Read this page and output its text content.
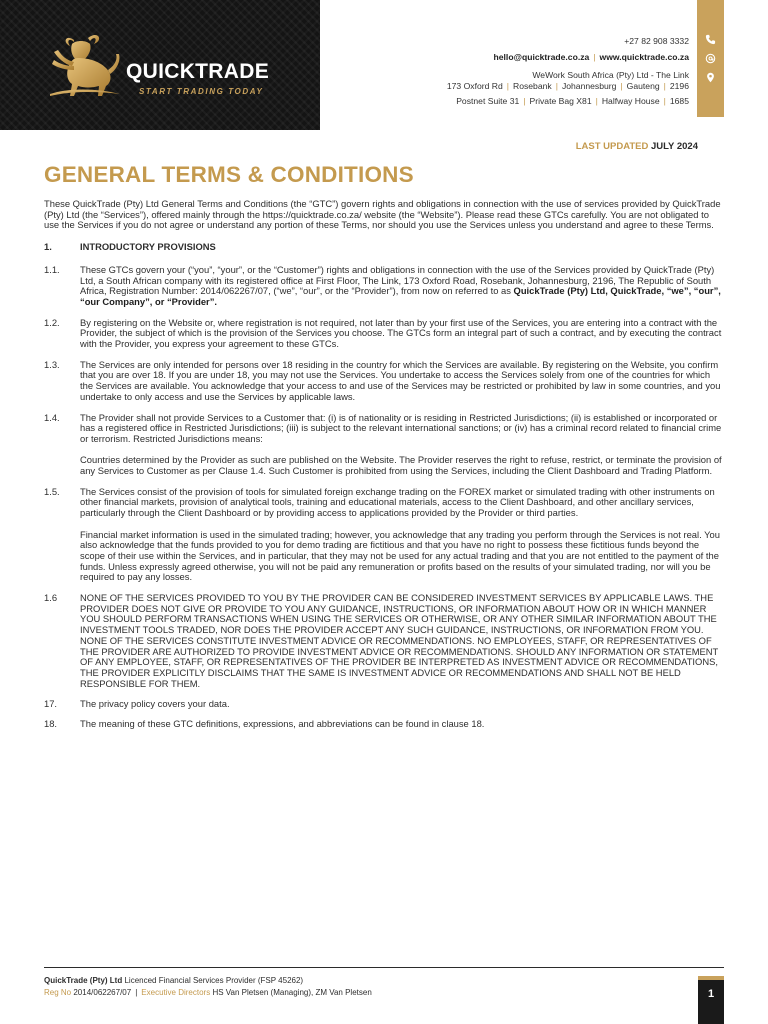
QUICKTRADE
START TRADING TODAY
+27 82 908 3332
hello@quicktrade.co.za | www.quicktrade.co.za
WeWork South Africa (Pty) Ltd - The Link
173 Oxford Rd | Rosebank | Johannesburg | Gauteng | 2196
Postnet Suite 31 | Private Bag X81 | Halfway House | 1685
LAST UPDATED JULY 2024
GENERAL TERMS & CONDITIONS

These QuickTrade (Pty) Ltd General Terms and Conditions (the “GTC”) govern rights and obligations in connection with the use of services provided by QuickTrade (Pty) Ltd (the “Services”), offered mainly through the https://quicktrade.co.za/ website (the “Website”). Please read these GTCs carefully. You are not obligated to use the Services if you do not agree or understand any portion of these Terms, nor should you use the Services unless you understand and agree to these Terms.

1.	INTRODUCTORY PROVISIONS
1.1.	These GTCs govern your (“you”, “your”, or the “Customer”) rights and obligations in connection with the use of the Services provided by QuickTrade (Pty) Ltd, a South African company with its registered office at First Floor, The Link, 173 Oxford Road, Rosebank, Johannesburg, 2196, The Republic of South Africa, Registration Number: 2014/062267/07, (“we”, “our”, or the “Provider”), from now on referred to as QuickTrade (Pty) Ltd, QuickTrade, “we”, “our”, “our Company”, or “Provider”.

1.2.	By registering on the Website or, where registration is not required, not later than by your first use of the Services, you are entering into a contract with the Provider, the subject of which is the provision of the Services you choose. The GTCs form an integral part of such a contract, and by executing the contract with the Provider, you express your agreement to these GTCs.

1.3.	The Services are only intended for persons over 18 residing in the country for which the Services are available. By registering on the Website, you confirm that you are over 18. If you are under 18, you may not use the Services. You undertake to access the Services solely from one of the countries for which the Services are available. You acknowledge that your access to and use of the Services may be restricted or prohibited by law in some countries, and you undertake to only access and use the Services by applicable laws.

1.4.	The Provider shall not provide Services to a Customer that: (i) is of nationality or is residing in Restricted Jurisdictions; (ii) is established or incorporated or has a registered office in Restricted Jurisdictions; (iii) is subject to the relevant international sanctions; or (iv) has a criminal record related to financial crime or terrorism. Restricted Jurisdictions means:

Countries determined by the Provider as such are published on the Website. The Provider reserves the right to refuse, restrict, or terminate the provision of any Services to Customer as per Clause 1.4. Such Customer is prohibited from using the Services, including the Client Dashboard and Trading Platform.

1.5.	The Services consist of the provision of tools for simulated foreign exchange trading on the FOREX market or simulated trading with other instruments on other financial markets, provision of analytical tools, training and educational materials, access to the Client Dashboard, and other ancillary services, particularly through the Client Dashboard or by providing access to applications provided by the Provider or third parties.

Financial market information is used in the simulated trading; however, you acknowledge that any trading you perform through the Services is not real. You also acknowledge that the funds provided to you for demo trading are fictitious and that you have no right to possess these fictitious funds beyond the scope of their use within the Services, and in particular, that they may not be used for any actual trading and that you are not entitled to the payment of the funds. Unless expressly agreed otherwise, you will not be paid any remuneration or profits based on the results of your simulated trading, nor will you be required to pay any losses.

1.6	NONE OF THE SERVICES PROVIDED TO YOU BY THE PROVIDER CAN BE CONSIDERED INVESTMENT SERVICES BY APPLICABLE LAWS. THE PROVIDER DOES NOT GIVE OR PROVIDE TO YOU ANY GUIDANCE, INSTRUCTIONS, OR INFORMATION ABOUT HOW OR IN WHICH MANNER YOU SHOULD PERFORM TRANSACTIONS WHEN USING THE SERVICES OR OTHERWISE, OR ANY OTHER SIMILAR INFORMATION ABOUT THE INVESTMENT TOOLS TRADED, NOR DOES THE PROVIDER ACCEPT ANY SUCH GUIDANCE, INSTRUCTIONS, OR INFORMATION FROM YOU. NONE OF THE SERVICES CONSTITUTE INVESTMENT ADVICE OR RECOMMENDATIONS. NO EMPLOYEES, STAFF, OR REPRESENTATIVES OF THE PROVIDER ARE AUTHORIZED TO PROVIDE INVESTMENT ADVICE OR RECOMMENDATIONS. SHOULD ANY INFORMATION OR STATEMENT OF ANY EMPLOYEE, STAFF, OR REPRESENTATIVES OF THE PROVIDER BE INTERPRETED AS INVESTMENT ADVICE OR RECOMMENDATIONS, THE PROVIDER EXPLICITLY DISCLAIMS THAT THE SAME IS INVESTMENT ADVICE OR RECOMMENDATIONS AND SHALL NOT BE HELD RESPONSIBLE FOR THEM.

17.	The privacy policy covers your data.

18.	The meaning of these GTC definitions, expressions, and abbreviations can be found in clause 18.

QuickTrade (Pty) Ltd Licenced Financial Services Provider (FSP 45262)
Reg No 2014/062267/07 | Executive Directors HS Van Pletsen (Managing), ZM Van Pletsen	1
